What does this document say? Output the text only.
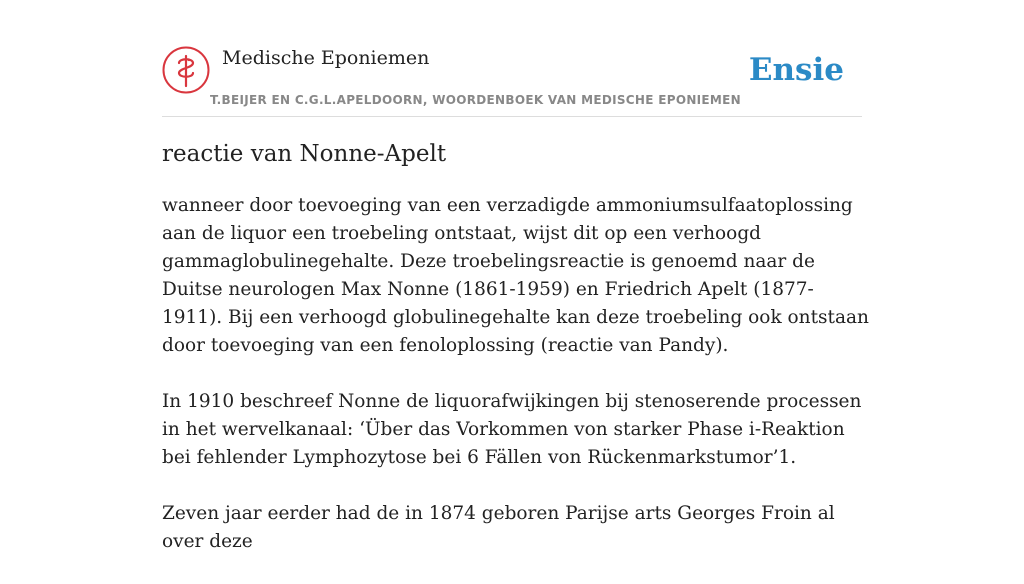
Medische Eponiemen
T.BEIJER EN C.G.L.APELDOORN, WOORDENBOEK VAN MEDISCHE EPONIEMEN
Ensie
reactie van Nonne-Apelt

wanneer door toevoeging van een verzadigde ammoniumsulfaatoplossing aan de liquor een troebeling ontstaat, wijst dit op een verhoogd gammaglobulinegehalte. Deze troebelingsreactie is genoemd naar de Duitse neurologen Max Nonne (1861-1959) en Friedrich Apelt (1877-1911). Bij een verhoogd globulinegehalte kan deze troebeling ook ontstaan door toevoeging van een fenoloplossing (reactie van Pandy).

In 1910 beschreef Nonne de liquorafwijkingen bij stenoserende processen in het wervelkanaal: ‘Über das Vorkommen von starker Phase i-Reaktion bei fehlender Lymphozytose bei 6 Fällen von Rückenmarkstumor’1.

Zeven jaar eerder had de in 1874 geboren Parijse arts Georges Froin al over deze
